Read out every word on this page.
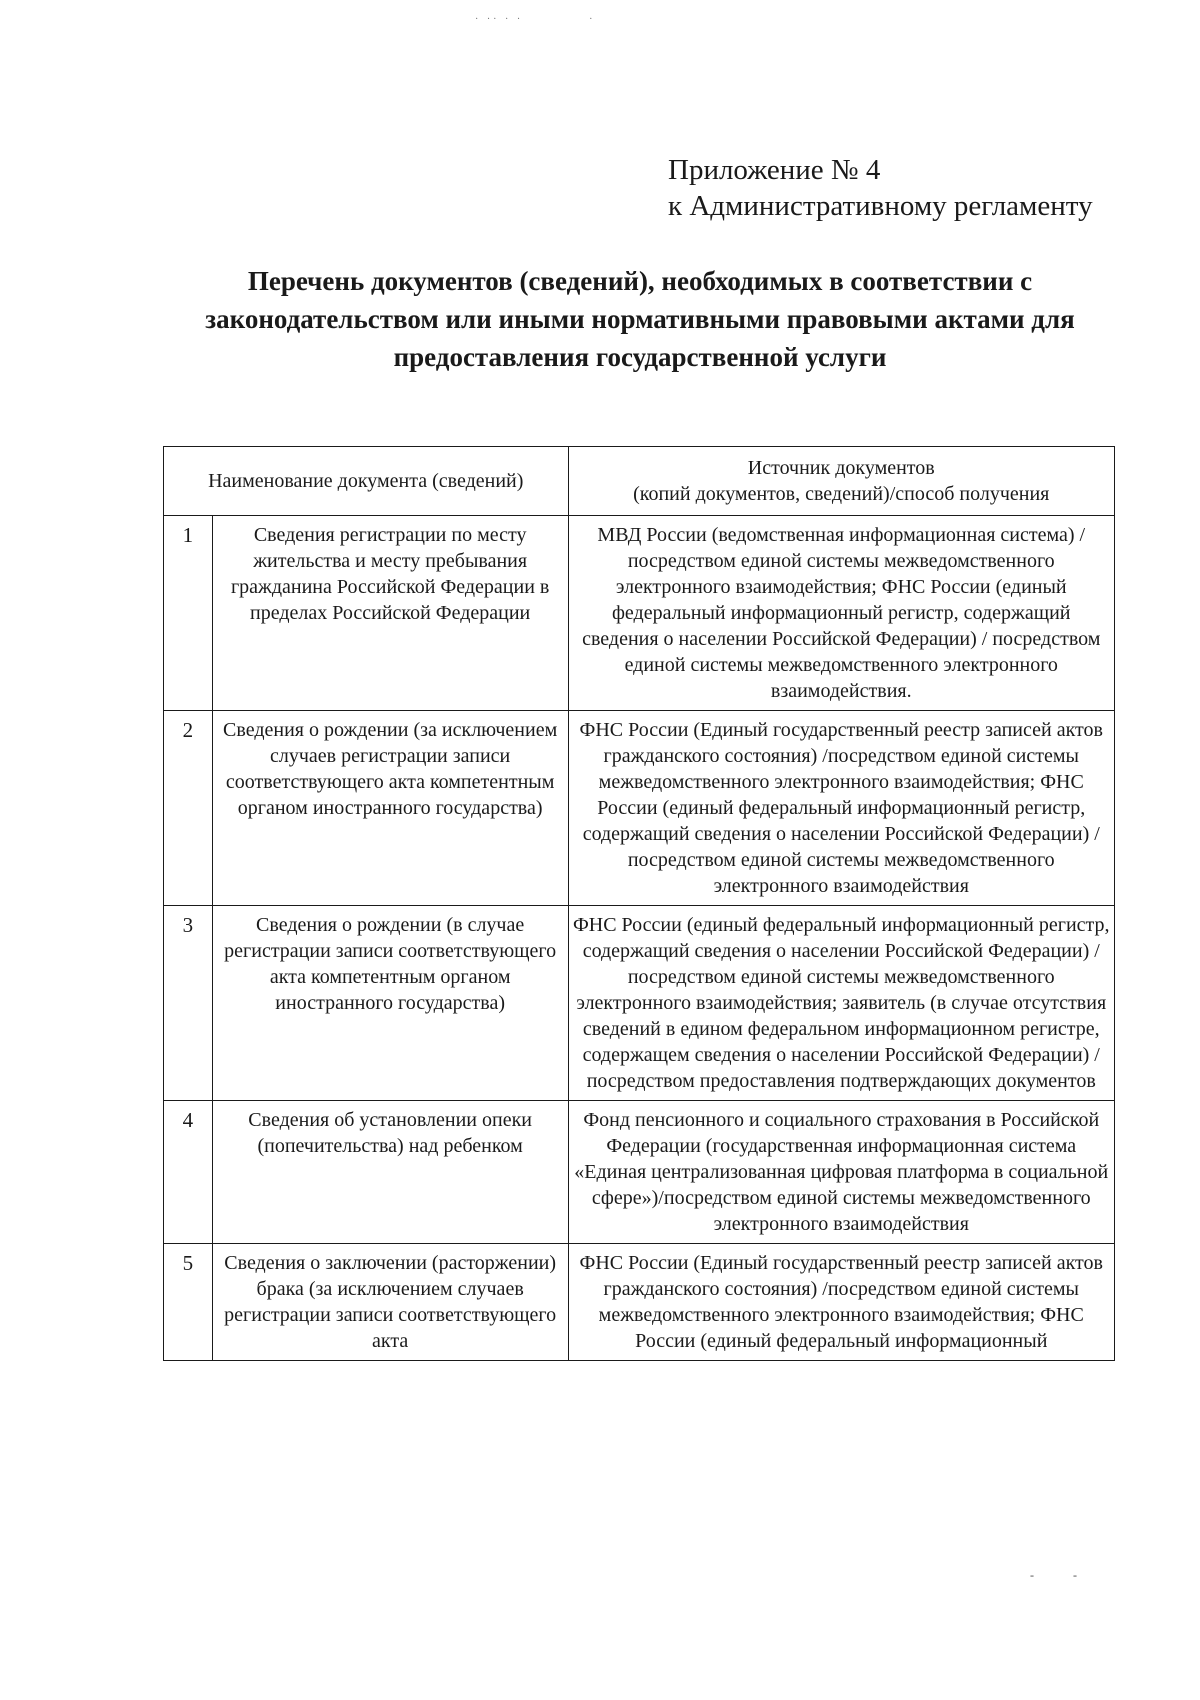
· ·· · ·            ·
Приложение № 4
к Административному регламенту
Перечень документов (сведений), необходимых в соответствии с законодательством или иными нормативными правовыми актами для предоставления государственной услуги
Наименование документа (сведений)		Источник документов
(копий документов, сведений)/способ получения

1	Сведения регистрации по месту жительства и месту пребывания гражданина Российской Федерации в пределах Российской Федерации	МВД России (ведомственная информационная система) /посредством единой системы межведомственного электронного взаимодействия; ФНС России (единый федеральный информационный регистр, содержащий сведения о населении Российской Федерации) / посредством единой системы межведомственного электронного взаимодействия.
2	Сведения о рождении (за исключением случаев регистрации записи соответствующего акта компетентным органом иностранного государства)	ФНС России (Единый государственный реестр записей актов гражданского состояния) /посредством единой системы межведомственного электронного взаимодействия; ФНС России (единый федеральный информационный регистр, содержащий сведения о населении Российской Федерации) / посредством единой системы межведомственного электронного взаимодействия
3	Сведения о рождении (в случае регистрации записи соответствующего акта компетентным органом иностранного государства)	ФНС России (единый федеральный информационный регистр, содержащий сведения о населении Российской Федерации) /посредством единой системы межведомственного электронного взаимодействия; заявитель (в случае отсутствия сведений в едином федеральном информационном регистре, содержащем сведения о населении Российской Федерации) /посредством предоставления подтверждающих документов
4	Сведения об установлении опеки (попечительства) над ребенком	Фонд пенсионного и социального страхования в Российской Федерации (государственная информационная система «Единая централизованная цифровая платформа в социальной сфере»)/посредством единой системы межведомственного электронного взаимодействия
5	Сведения о заключении (расторжении) брака (за исключением случаев регистрации записи соответствующего акта	ФНС России (Единый государственный реестр записей актов гражданского состояния) /посредством единой системы межведомственного электронного взаимодействия; ФНС России (единый федеральный информационный
- -
